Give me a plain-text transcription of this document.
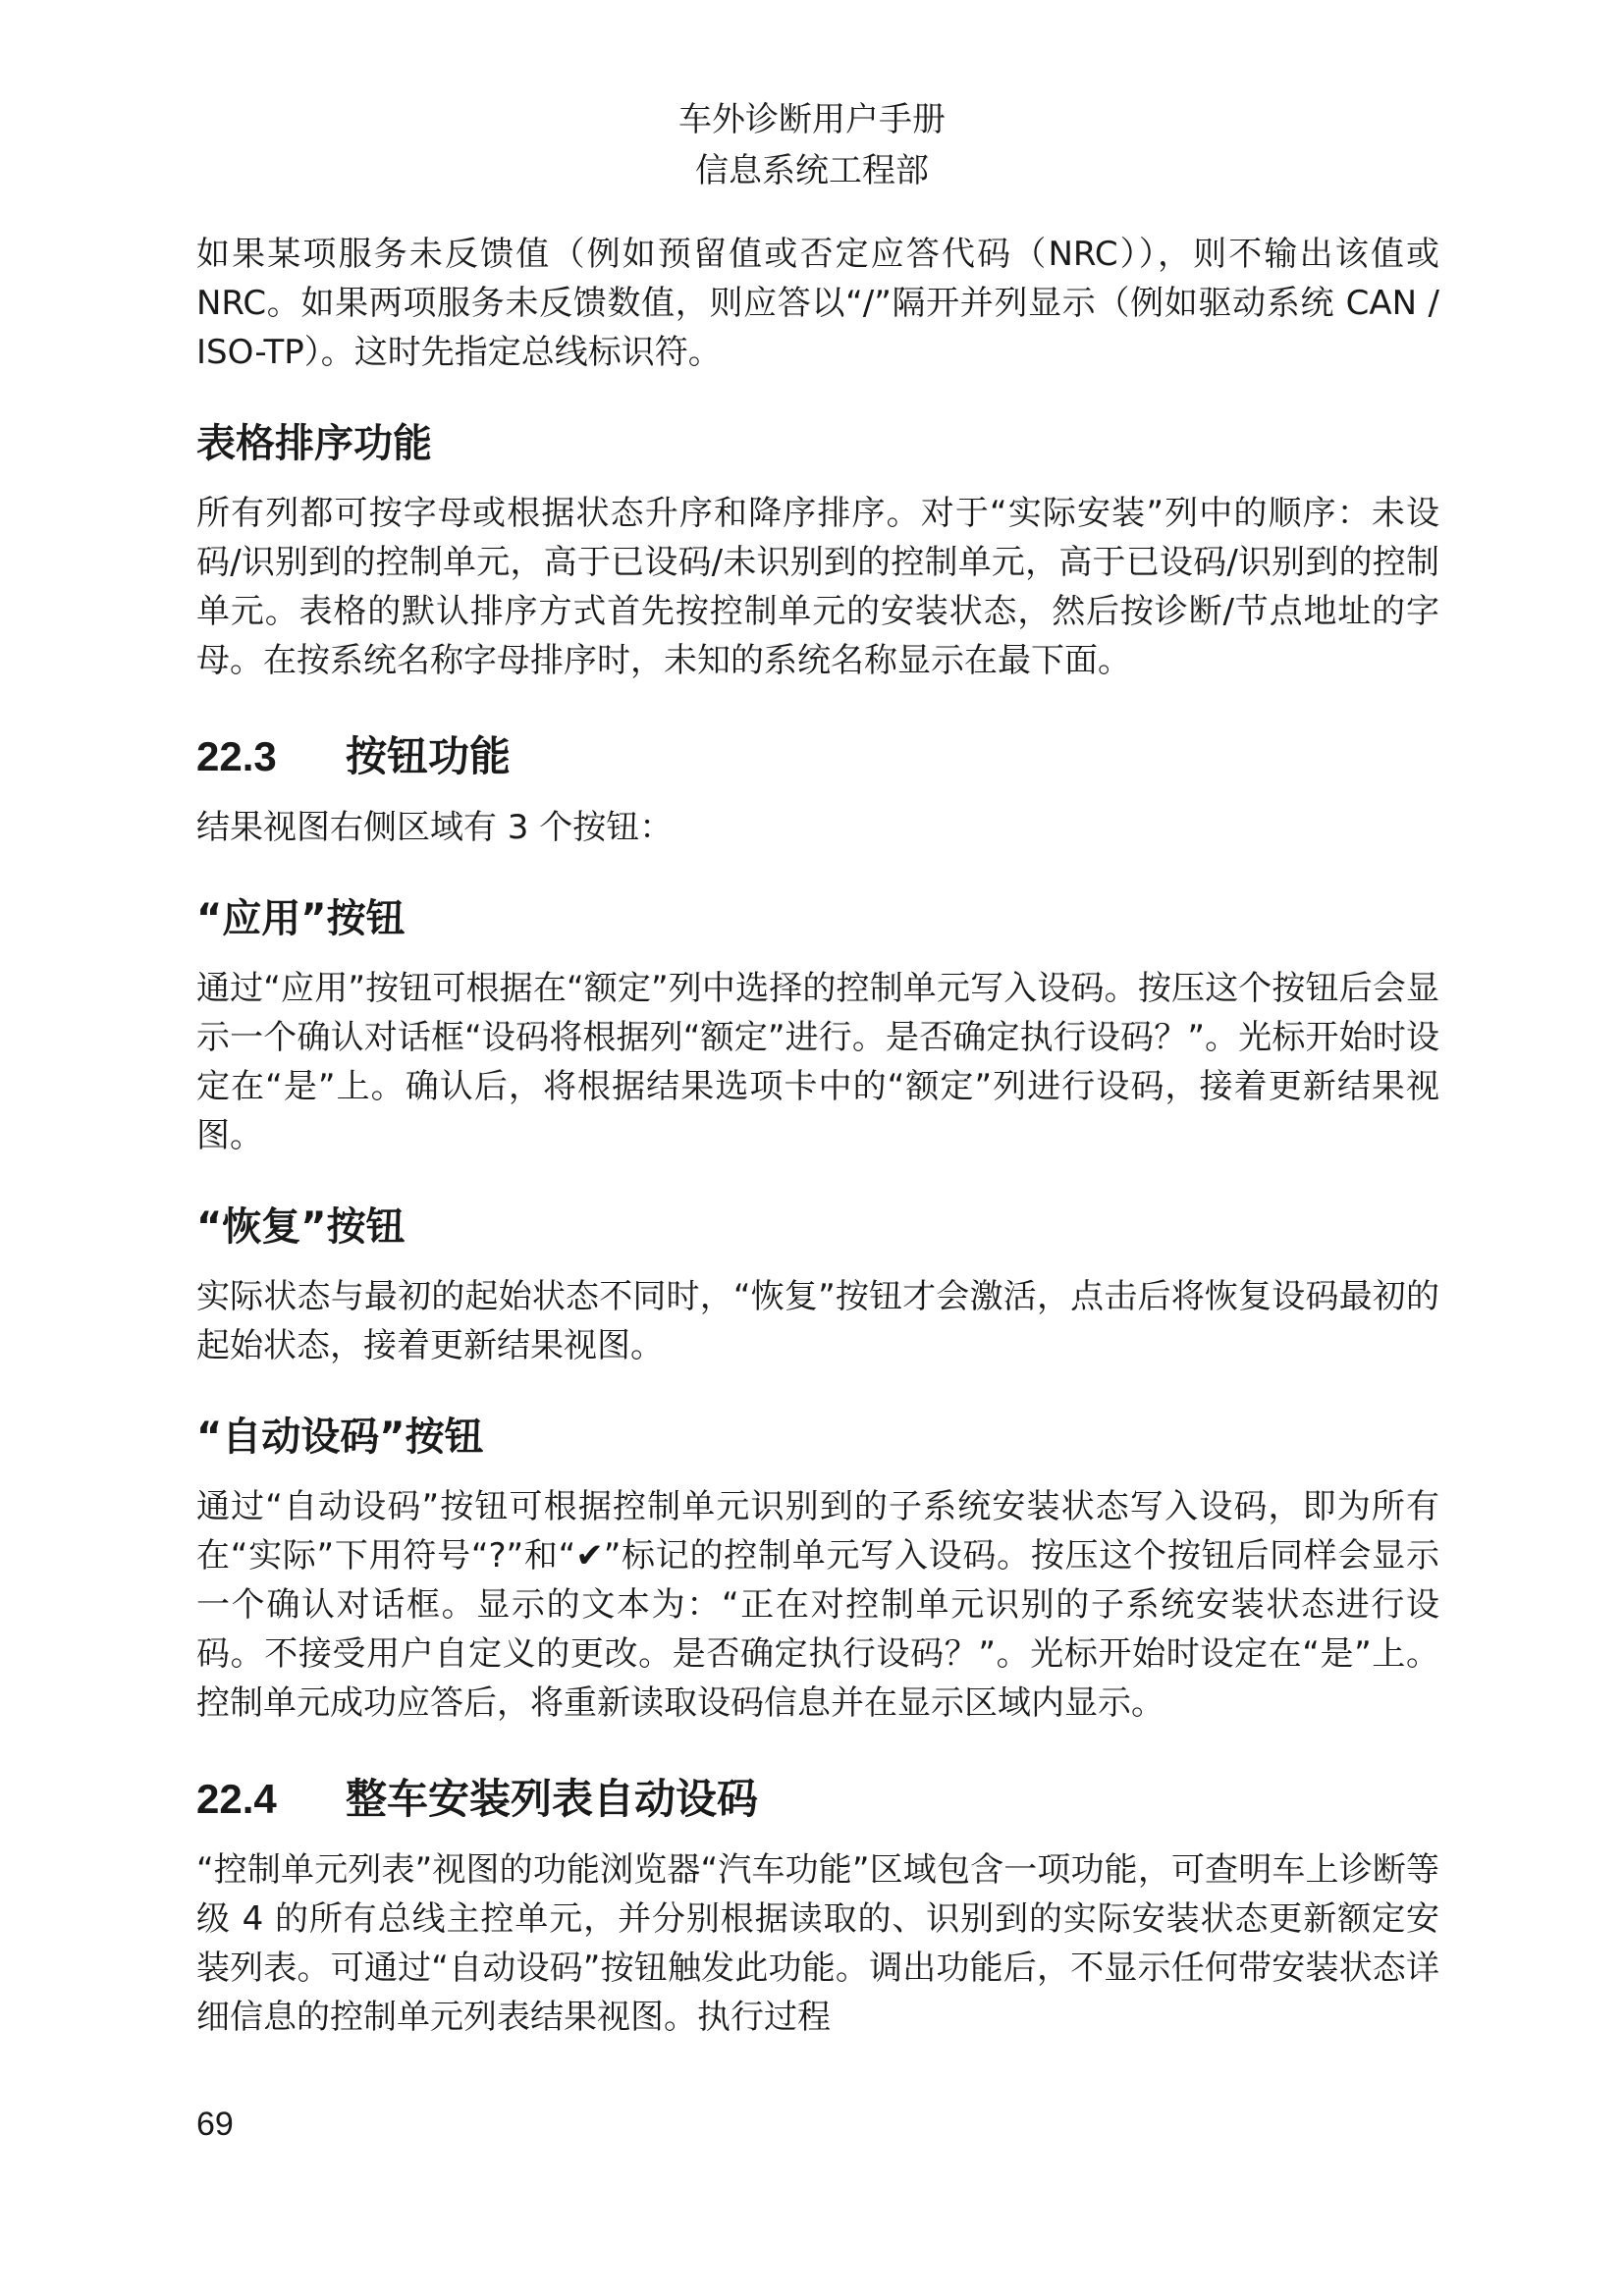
车外诊断用户手册
信息系统工程部

如果某项服务未反馈值（例如预留值或否定应答代码（NRC）），则不输出该值或 NRC。如果两项服务未反馈数值，则应答以“/”隔开并列显示（例如驱动系统 CAN / ISO-TP）。这时先指定总线标识符。

表格排序功能

所有列都可按字母或根据状态升序和降序排序。对于“实际安装”列中的顺序：未设码/识别到的控制单元，高于已设码/未识别到的控制单元，高于已设码/识别到的控制单元。表格的默认排序方式首先按控制单元的安装状态，然后按诊断/节点地址的字母。在按系统名称字母排序时，未知的系统名称显示在最下面。

22.3 按钮功能

结果视图右侧区域有 3 个按钮：

“应用”按钮

通过“应用”按钮可根据在“额定”列中选择的控制单元写入设码。按压这个按钮后会显示一个确认对话框“设码将根据列“额定”进行。是否确定执行设码？”。光标开始时设定在“是”上。确认后，将根据结果选项卡中的“额定”列进行设码，接着更新结果视图。

“恢复”按钮

实际状态与最初的起始状态不同时，“恢复”按钮才会激活，点击后将恢复设码最初的起始状态，接着更新结果视图。

“自动设码”按钮

通过“自动设码”按钮可根据控制单元识别到的子系统安装状态写入设码，即为所有在“实际”下用符号“?”和“✔”标记的控制单元写入设码。按压这个按钮后同样会显示一个确认对话框。显示的文本为：“正在对控制单元识别的子系统安装状态进行设码。不接受用户自定义的更改。是否确定执行设码？”。光标开始时设定在“是”上。控制单元成功应答后，将重新读取设码信息并在显示区域内显示。

22.4 整车安装列表自动设码

“控制单元列表”视图的功能浏览器“汽车功能”区域包含一项功能，可查明车上诊断等级 4 的所有总线主控单元，并分别根据读取的、识别到的实际安装状态更新额定安装列表。可通过“自动设码”按钮触发此功能。调出功能后，不显示任何带安装状态详细信息的控制单元列表结果视图。执行过程

69
